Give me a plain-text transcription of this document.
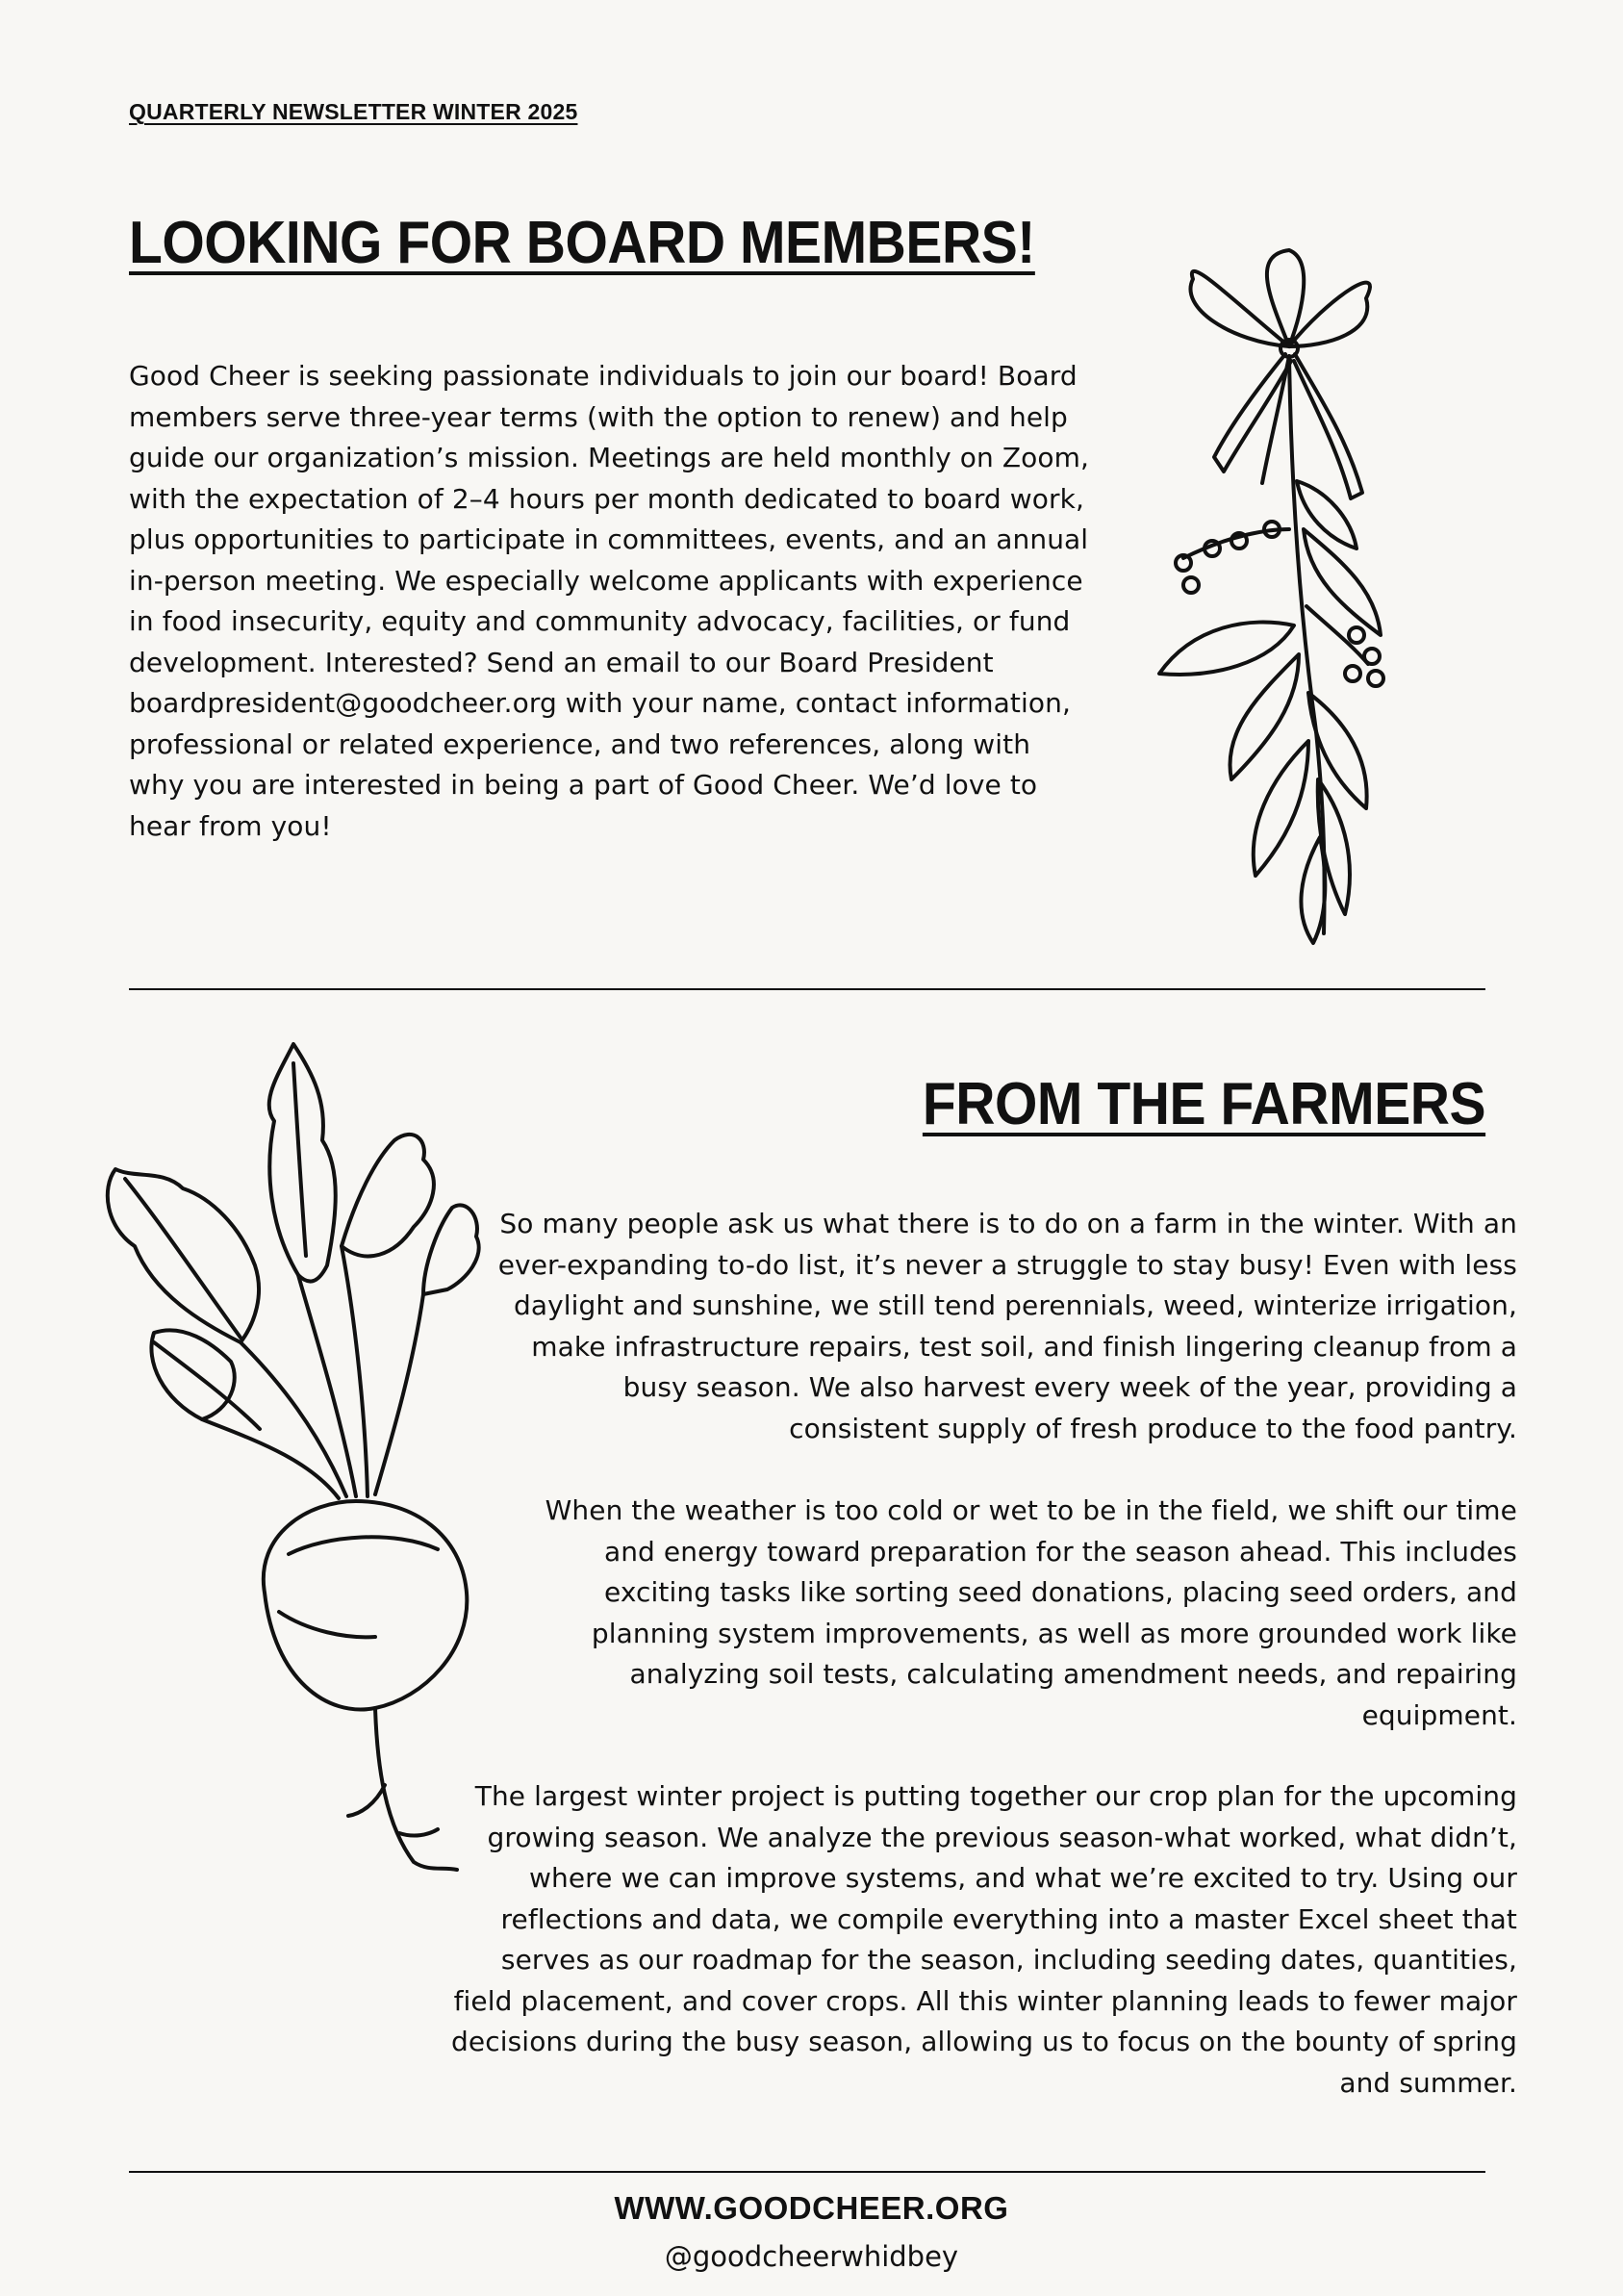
QUARTERLY NEWSLETTER WINTER 2025

LOOKING FOR BOARD MEMBERS!

Good Cheer is seeking passionate individuals to join our board! Board members serve three-year terms (with the option to renew) and help guide our organization’s mission. Meetings are held monthly on Zoom, with the expectation of 2–4 hours per month dedicated to board work, plus opportunities to participate in committees, events, and an annual in-person meeting. We especially welcome applicants with experience in food insecurity, equity and community advocacy, facilities, or fund development. Interested? Send an email to our Board President boardpresident@goodcheer.org with your name, contact information, professional or related experience, and two references, along with why you are interested in being a part of Good Cheer. We’d love to hear from you!

FROM THE FARMERS

So many people ask us what there is to do on a farm in the winter. With an ever-expanding to-do list, it’s never a struggle to stay busy! Even with less daylight and sunshine, we still tend perennials, weed, winterize irrigation, make infrastructure repairs, test soil, and finish lingering cleanup from a busy season. We also harvest every week of the year, providing a consistent supply of fresh produce to the food pantry.

When the weather is too cold or wet to be in the field, we shift our time and energy toward preparation for the season ahead. This includes exciting tasks like sorting seed donations, placing seed orders, and planning system improvements, as well as more grounded work like analyzing soil tests, calculating amendment needs, and repairing equipment.

The largest winter project is putting together our crop plan for the upcoming growing season. We analyze the previous season-what worked, what didn’t, where we can improve systems, and what we’re excited to try. Using our reflections and data, we compile everything into a master Excel sheet that serves as our roadmap for the season, including seeding dates, quantities, field placement, and cover crops. All this winter planning leads to fewer major decisions during the busy season, allowing us to focus on the bounty of spring and summer.

WWW.GOODCHEER.ORG

@goodcheerwhidbey
